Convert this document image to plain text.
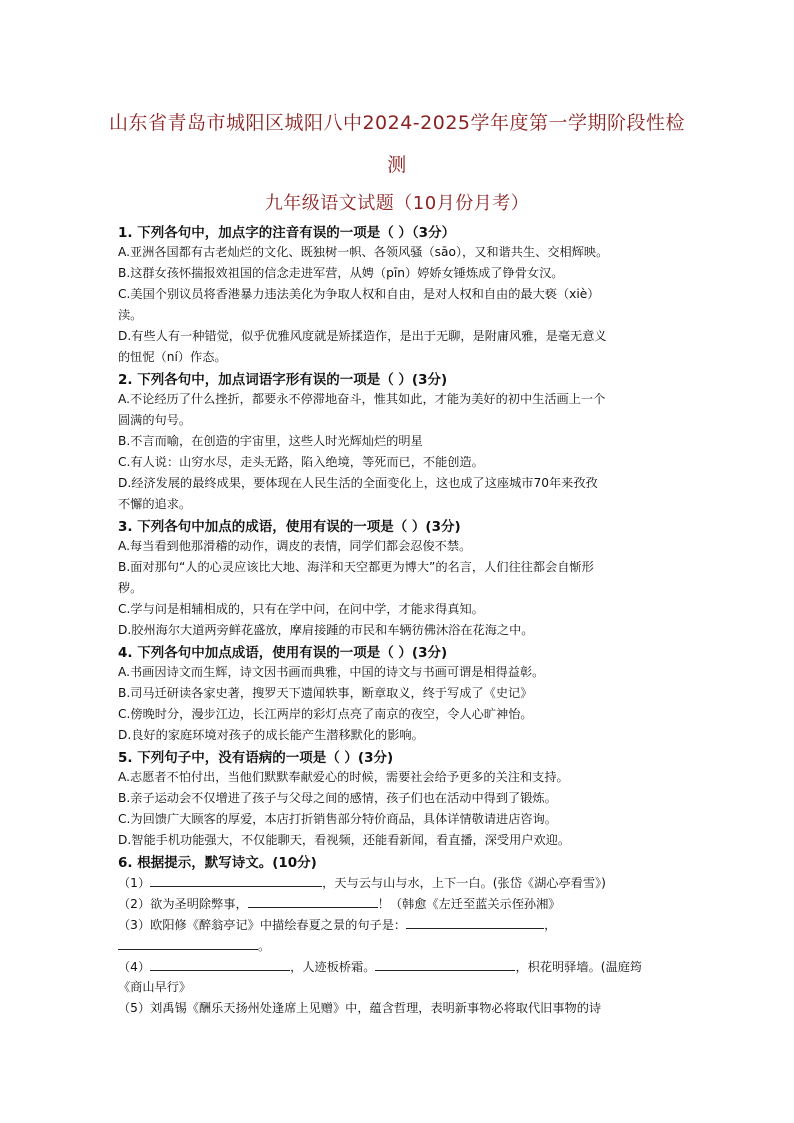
山东省青岛市城阳区城阳八中2024-2025学年度第一学期阶段性检
测
九年级语文试题（10月份月考）
1. 下列各句中，加点字的注音有误的一项是（ ）（3分）
A.亚洲各国都有古老灿烂的文化、既独树一帜、各领风骚（sāo），又和谐共生、交相辉映。
B.这群女孩怀揣报效祖国的信念走进军营，从娉（pīn）婷娇女锤炼成了铮骨女汉。
C.美国个别议员将香港暴力违法美化为争取人权和自由，是对人权和自由的最大亵（xiè）
渎。
D.有些人有一种错觉，似乎优雅风度就是矫揉造作，是出于无聊，是附庸风雅，是毫无意义
的忸怩（ní）作态。
2. 下列各句中，加点词语字形有误的一项是（ ）(3分)
A.不论经历了什么挫折，都要永不停滞地奋斗，惟其如此，才能为美好的初中生活画上一个
圆满的句号。
B.不言而喻，在创造的宇宙里，这些人时光辉灿烂的明星
C.有人说：山穷水尽，走头无路，陷入绝境，等死而已，不能创造。
D.经济发展的最终成果，要体现在人民生活的全面变化上，这也成了这座城市70年来孜孜
不懈的追求。
3. 下列各句中加点的成语，使用有误的一项是（ ）(3分)
A.每当看到他那滑稽的动作，调皮的表情，同学们都会忍俊不禁。
B.面对那句“人的心灵应该比大地、海洋和天空都更为博大”的名言，人们往往都会自惭形
秽。
C.学与问是相辅相成的，只有在学中问，在问中学，才能求得真知。
D.胶州海尔大道两旁鲜花盛放，摩肩接踵的市民和车辆彷佛沐浴在花海之中。
4. 下列各句中加点成语，使用有误的一项是（ ）(3分)
A.书画因诗文而生辉，诗文因书画而典雅，中国的诗文与书画可谓是相得益彰。
B.司马迁研读各家史著，搜罗天下遗闻轶事，断章取义，终于写成了《史记》
C.傍晚时分，漫步江边，长江两岸的彩灯点亮了南京的夜空，令人心旷神怡。
D.良好的家庭环境对孩子的成长能产生潜移默化的影响。
5. 下列句子中，没有语病的一项是（ ）(3分)
A.志愿者不怕付出，当他们默默奉献爱心的时候，需要社会给予更多的关注和支持。
B.亲子运动会不仅增进了孩子与父母之间的感情，孩子们也在活动中得到了锻炼。
C.为回馈广大顾客的厚爱，本店打折销售部分特价商品，具体详情敬请进店咨询。
D.智能手机功能强大，不仅能聊天，看视频，还能看新闻，看直播，深受用户欢迎。
6. 根据提示，默写诗文。(10分)
（1）	，天与云与山与水，上下一白。(张岱《湖心亭看雪》)
（2）欲为圣明除弊事，	！（韩愈《左迁至蓝关示侄孙湘》
（3）欧阳修《醉翁亭记》中描绘春夏之景的句子是：	，
。
（4）	，人迹板桥霜。	，枳花明驿墙。(温庭筠
《商山早行》
（5）刘禹锡《酬乐天扬州处逢席上见赠》中，蕴含哲理，表明新事物必将取代旧事物的诗
